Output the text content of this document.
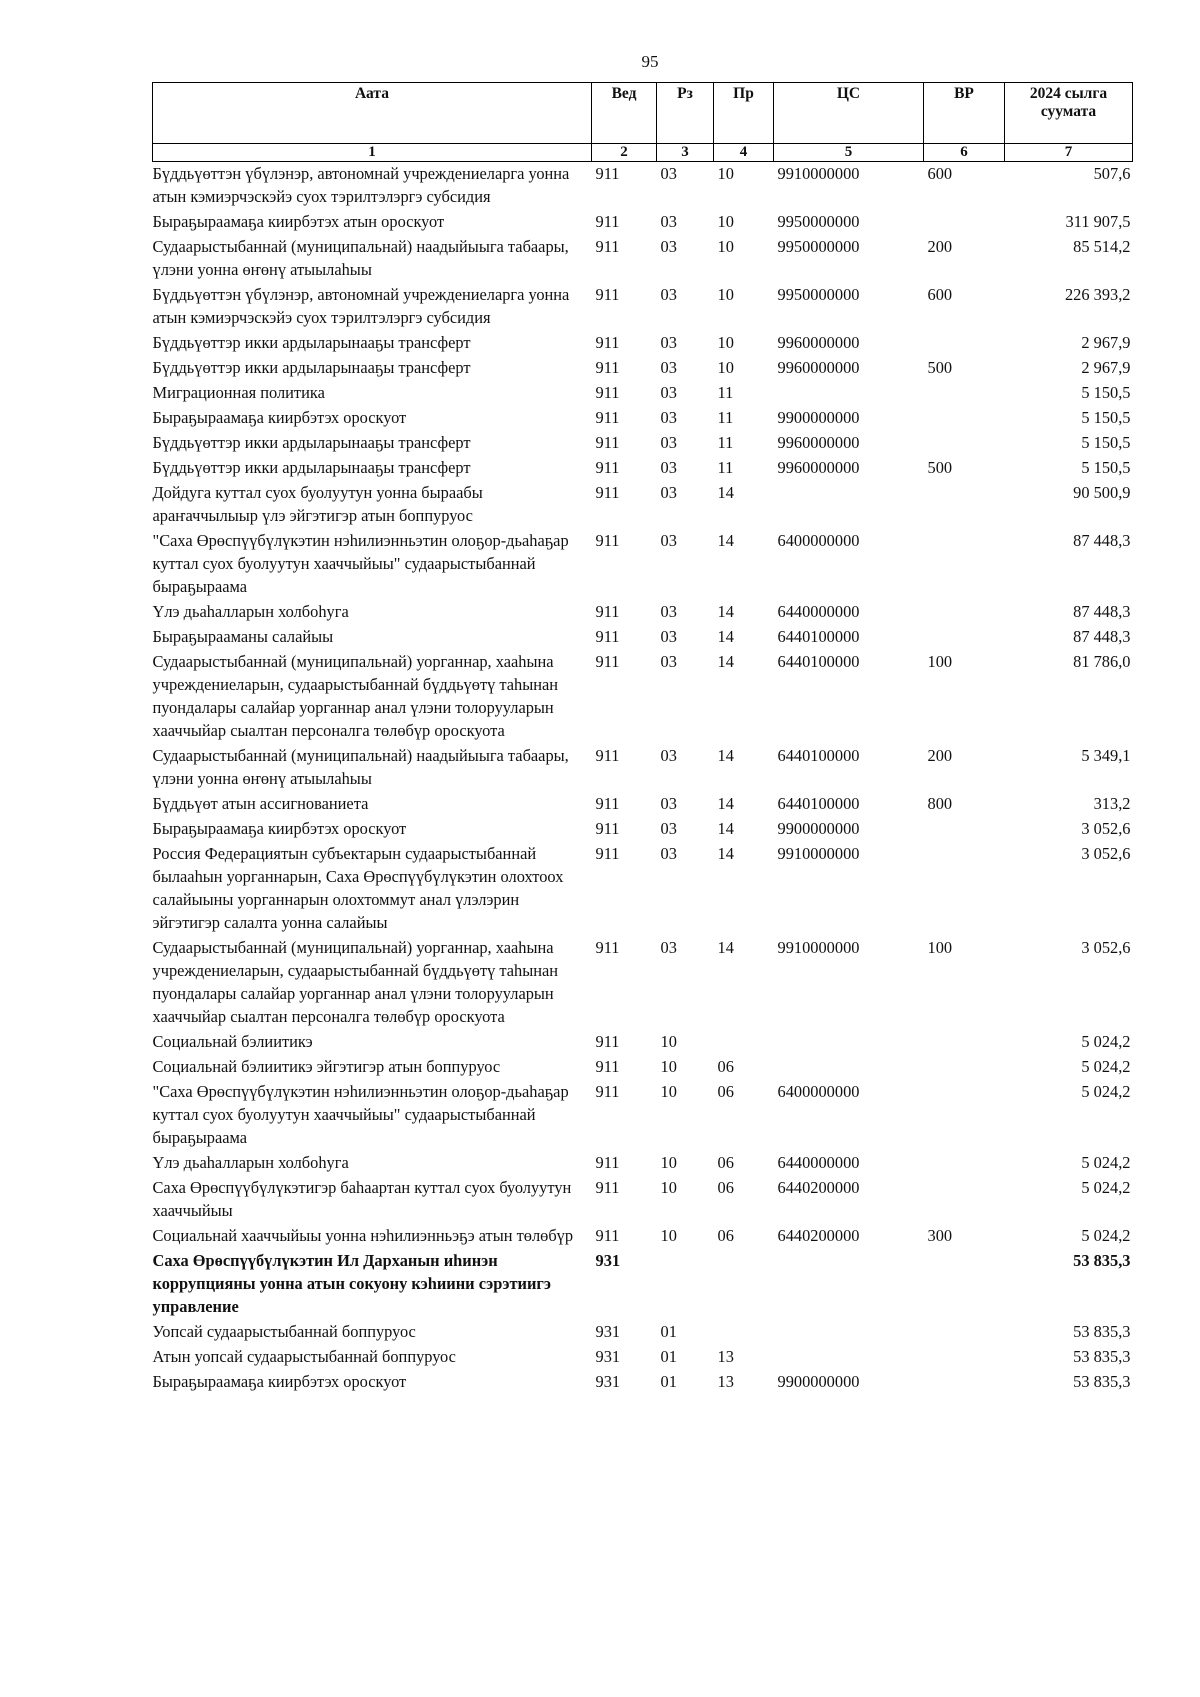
95
Аата	Вед	Рз	Пр	ЦС	ВР	2024 сылга суумата
1	2	3	4	5	6	7
Бүддьүөттэн үбүлэнэр, автономнай учреждениеларга уонна атын кэмиэрчэскэйэ суох тэрилтэлэргэ субсидия	911	03	10	9910000000	600	507,6
Быраҕыраамаҕа киирбэтэх атын ороскуот	911	03	10	9950000000		311 907,5
Судаарыстыбаннай (муниципальнай) наадыйыыга табаары, үлэни уонна өҥөнү атыылаһыы	911	03	10	9950000000	200	85 514,2
Бүддьүөттэн үбүлэнэр, автономнай учреждениеларга уонна атын кэмиэрчэскэйэ суох тэрилтэлэргэ субсидия	911	03	10	9950000000	600	226 393,2
Бүддьүөттэр икки ардыларынааҕы трансферт	911	03	10	9960000000		2 967,9
Бүддьүөттэр икки ардыларынааҕы трансферт	911	03	10	9960000000	500	2 967,9
Миграционная политика	911	03	11			5 150,5
Быраҕыраамаҕа киирбэтэх ороскуот	911	03	11	9900000000		5 150,5
Бүддьүөттэр икки ардыларынааҕы трансферт	911	03	11	9960000000		5 150,5
Бүддьүөттэр икки ардыларынааҕы трансферт	911	03	11	9960000000	500	5 150,5
Дойдуга куттал суох буолуутун уонна быраабы араҥаччылыыр үлэ эйгэтигэр атын боппуруос	911	03	14			90 500,9
"Саха Өрөспүүбүлүкэтин нэһилиэнньэтин олоҕор-дьаһаҕар куттал суох буолуутун хааччыйыы" судаарыстыбаннай быраҕыраама	911	03	14	6400000000		87 448,3
Үлэ дьаһалларын холбоһуга	911	03	14	6440000000		87 448,3
Быраҕырааманы салайыы	911	03	14	6440100000		87 448,3
Судаарыстыбаннай (муниципальнай) уорганнар, хааһына учреждениеларын, судаарыстыбаннай бүддьүөтү таһынан пуондалары салайар уорганнар анал үлэни толорууларын хааччыйар сыалтан персоналга төлөбүр ороскуота	911	03	14	6440100000	100	81 786,0
Судаарыстыбаннай (муниципальнай) наадыйыыга табаары, үлэни уонна өҥөнү атыылаһыы	911	03	14	6440100000	200	5 349,1
Бүддьүөт атын ассигнованиета	911	03	14	6440100000	800	313,2
Быраҕыраамаҕа киирбэтэх ороскуот	911	03	14	9900000000		3 052,6
Россия Федерациятын субъектарын судаарыстыбаннай былааһын уорганнарын, Саха Өрөспүүбүлүкэтин олохтоох салайыыны уорганнарын олохтоммут анал үлэлэрин эйгэтигэр салалта уонна салайыы	911	03	14	9910000000		3 052,6
Судаарыстыбаннай (муниципальнай) уорганнар, хааһына учреждениеларын, судаарыстыбаннай бүддьүөтү таһынан пуондалары салайар уорганнар анал үлэни толорууларын хааччыйар сыалтан персоналга төлөбүр ороскуота	911	03	14	9910000000	100	3 052,6
Социальнай бэлиитикэ	911	10				5 024,2
Социальнай бэлиитикэ эйгэтигэр атын боппуруос	911	10	06			5 024,2
"Саха Өрөспүүбүлүкэтин нэһилиэнньэтин олоҕор-дьаһаҕар куттал суох буолуутун хааччыйыы" судаарыстыбаннай быраҕыраама	911	10	06	6400000000		5 024,2
Үлэ дьаһалларын холбоһуга	911	10	06	6440000000		5 024,2
Саха Өрөспүүбүлүкэтигэр баһаартан куттал суох буолуутун хааччыйыы	911	10	06	6440200000		5 024,2
Социальнай хааччыйыы уонна нэһилиэнньэҕэ атын төлөбүр	911	10	06	6440200000	300	5 024,2
Саха Өрөспүүбүлүкэтин Ил Дарханын иһинэн коррупцияны уонна атын сокуону кэһиини сэрэтиигэ управление	931					53 835,3
Уопсай судаарыстыбаннай боппуруос	931	01				53 835,3
Атын уопсай судаарыстыбаннай боппуруос	931	01	13			53 835,3
Быраҕыраамаҕа киирбэтэх ороскуот	931	01	13	9900000000		53 835,3
